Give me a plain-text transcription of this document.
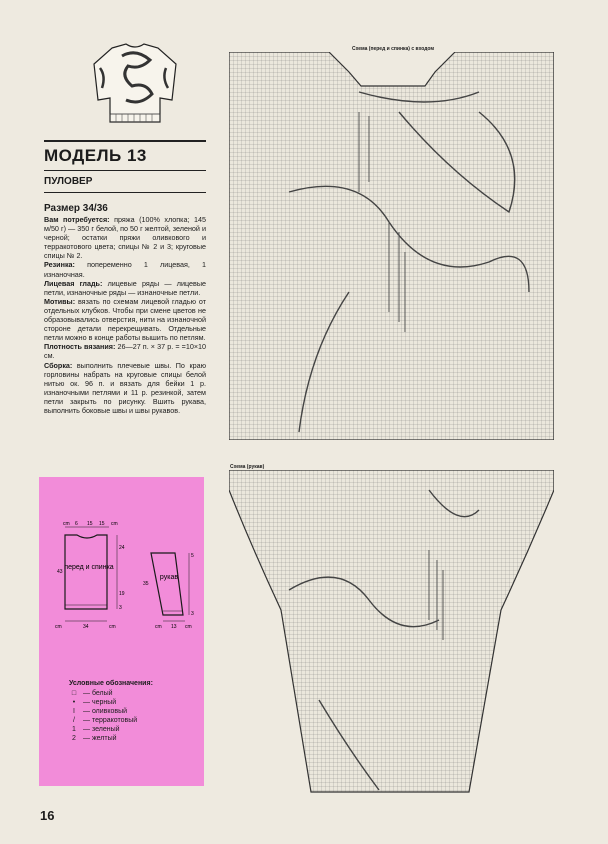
16
МОДЕЛЬ 13
ПУЛОВЕР
Размер 34/36

Вам потребуется: пряжа (100% хлопка; 145 м/50 г) — 350 г белой, по 50 г желтой, зеленой и черной; остатки пряжи оливкового и терракотового цвета; спицы № 2 и 3; круговые спицы № 2.

Резинка: попеременно 1 лицевая, 1 изнаночная.

Лицевая гладь: лицевые ряды — лицевые петли, изнаночные ряды — изнаночные петли.

Мотивы: вязать по схемам лицевой гладью от отдельных клубков. Чтобы при смене цветов не образовывались отверстия, нити на изнаночной стороне детали перекрещивать. Отдельные петли можно в конце работы вышить по петлям.

Плотность вязания: 26—27 п. × 37 р. = =10×10 см.

Сборка: выполнить плечевые швы. По краю горловины набрать на круговые спицы белой нитью ок. 96 п. и вязать для бейки 1 р. изнаночными петлями и 11 р. резинкой, затем петли закрыть по рисунку. Вшить рукава, выполнить боковые швы и швы рукавов.

перед и спинка
рукав
cm 6 15 15 cm
cm	34	cm	cm 13 cm
24
43
19
35
5
3
3
Условные обозначения:
□ — белый
•	— черный
I	— оливковый
/	— терракотовый
1	— зеленый
2	— желтый
Схема (перед и спинка) с входом
Схема (рукав)
